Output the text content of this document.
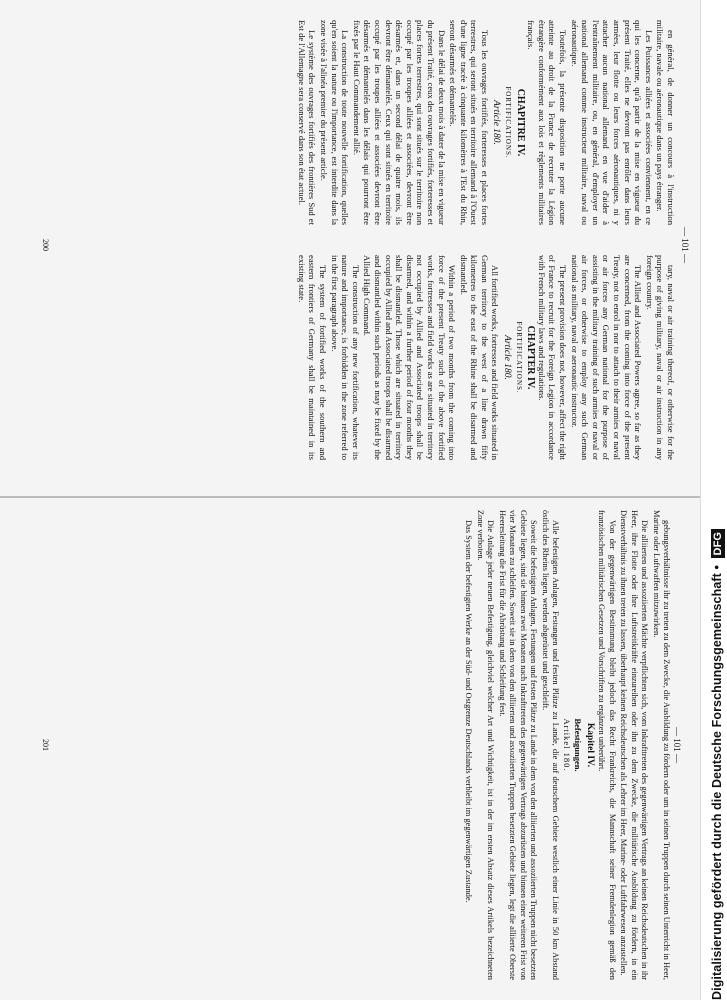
— 101 —

en général, de donner un concours à l'instruction militaire, navale ou aéronautique dans un pays étranger.

Les Puissances alliées et associées conviennent, en ce qui les concerne, qu'à partir de la mise en vigueur du présent Traité, elles ne devront pas enrôler dans leurs armées, leur flotte ou leurs forces aéronautiques, ni y attacher aucun national allemand en vue d'aider à l'entraînement militaire, ou, en général, d'employer un national allemand comme instructeur militaire, naval ou aéronautique.

Toutefois, la présente disposition ne porte aucune atteinte au droit de la France de recruter la Légion étrangère conformément aux lois et règlements militaires français.

CHAPITRE IV.

FORTIFICATIONS.

Article 180.

Tous les ouvrages fortifiés, forteresses et places fortes terrestres, qui seront situés en territoire allemand à l'Ouest d'une ligne tracée à cinquante kilomètres à l'Est du Rhin, seront désarmés et démantelés.

Dans le délai de deux mois à dater de la mise en vigueur du présent Traité, ceux des ouvrages fortifiés, forteresses et places fortes terrestres, qui sont situés sur le territoire non occupé par les troupes alliées et associées, devront être désarmés et, dans un second délai de quatre mois, ils devront être démantelés. Ceux qui sont situés en territoire occupé par les troupes alliées et associées devront être désarmés et démantelés dans les délais qui pourront être fixés par le Haut Commandement allié.

La construction de toute nouvelle fortification, quelles qu'en soient la nature ou l'importance, est interdite dans la zone visée à l'alinéa premier du présent article.

Le système des ouvrages fortifiés des frontières Sud et Est de l'Allemagne sera conservé dans son état actuel.

tary, naval or air training thereof, or otherwise for the purpose of giving military, naval or air instruction in any foreign country.

The Allied and Associated Powers agree, so far as they are concerned, from the coming into force of the present Treaty, not to enrol in nor to attach to their armies or naval or air forces any German national for the purpose of assisting in the military training of such armies or naval or air forces, or otherwise to employ any such German national as military, naval or aeronautic instructor.

The present provision does not, however, affect the right of France to recruit for the Foreign Legion in accordance with French military laws and regulations.

CHAPTER IV.

FORTIFICATIONS.

Article 180.

All fortified works, fortresses and field works situated in German territory to the west of a line drawn fifty kilometres to the east of the Rhine shall be disarmed and dismantled.

Within a period of two months from the coming into force of the present Treaty such of the above fortified works, fortresses and field works as are situated in territory not occupied by Allied and Associated troops shall be disarmed, and within a further period of four months they shall be dismantled. Those which are situated in territory occupied by Allied and Associated troops shall be disarmed and dismantled within such periods as may be fixed by the Allied High Command.

The construction of any new fortification, whatever its nature and importance, is forbidden in the zone referred to in the first paragraph above.

The system of fortified works of the southern and eastern frontiers of Germany shall be maintained in its existing state.

200
— 101 —

gebungsverhältnisse ihr zu treten zu dem Zwecke, die Ausbildung zu fördern oder um in seinen Truppen durch seinen Unterricht in Heer, Marine oder Luftwaffen mitzuwirken.

Die alliierten und assoziierten Mächte verpflichten sich, vom Inkrafttreten des gegenwärtigen Vertrags an keinen Reichsdeutschen in ihr Heer, ihre Flotte oder ihre Luftstreitkräfte einzureihen oder ihn zu dem Zwecke, die militärische Ausbildung zu fördern, in ein Dienstverhältnis zu ihnen treten zu lassen, überhaupt keinen Reichsdeutschen als Lehrer im Heer, Marine- oder Luftfahrwesen anzustellen.

Von der gegenwärtigen Bestimmung bleibt jedoch das Recht Frankreichs, die Mannschaft seiner Fremdenlegion gemäß den französischen militärischen Gesetzen und Vorschriften zu ergänzen unberührt.

Kapitel IV.

Befestigungen.

Artikel 180.

Alle befestigten Anlagen, Festungen und festen Plätze zu Lande, die auf deutschem Gebiete westlich einer Linie in 50 km Abstand östlich des Rheins liegen, werden abgerüstet und geschleift.

Soweit die befestigten Anlagen, Festungen und festen Plätze zu Lande in dem von den alliierten und assoziierten Truppen nicht besetzten Gebiete liegen, sind sie binnen zwei Monaten nach Inkrafttreten des gegenwärtigen Vertrags abzurüsten und binnen einer weiteren Frist von vier Monaten zu schleifen. Soweit sie in dem von den alliierten und assoziierten Truppen besetzten Gebiete liegen, legt die alliierte Oberste Heeresleitung die Frist für die Abrüstung und Schleifung fest.

Die Anlage jeder neuen Befestigung, gleichviel welcher Art und Wichtigkeit, ist in der im ersten Absatz dieses Artikels bezeichneten Zone verboten.

Das System der befestigten Werke an der Süd- und Ostgrenze Deutschlands verbleibt im gegenwärtigen Zustande.

201	Digitalisierung gefördert durch die Deutsche Forschungsgemeinschaft • DFG
